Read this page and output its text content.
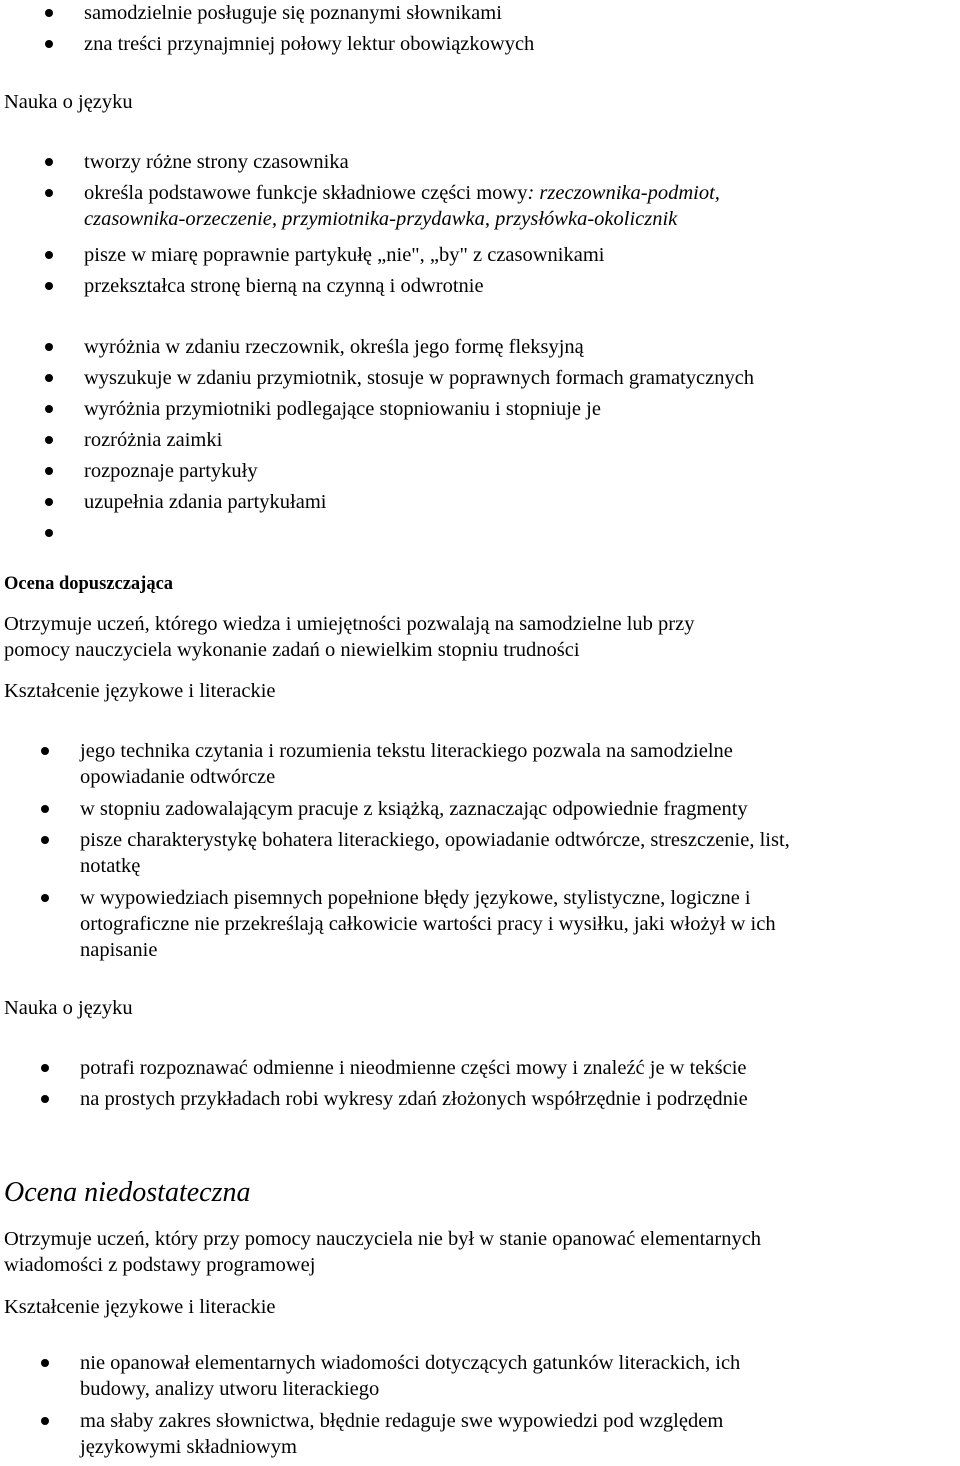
samodzielnie posługuje się poznanymi słownikami
zna treści przynajmniej połowy lektur obowiązkowych
Nauka o języku
tworzy różne strony czasownika
określa podstawowe funkcje składniowe części mowy: rzeczownika-podmiot,
czasownika-orzeczenie, przymiotnika-przydawka, przysłówka-okolicznik
pisze w miarę poprawnie partykułę „nie", „by" z czasownikami
przekształca stronę bierną na czynną i odwrotnie
wyróżnia w zdaniu rzeczownik, określa jego formę fleksyjną
wyszukuje w zdaniu przymiotnik, stosuje w poprawnych formach gramatycznych
wyróżnia przymiotniki podlegające stopniowaniu i stopniuje je
rozróżnia zaimki
rozpoznaje partykuły
uzupełnia zdania partykułami
Ocena dopuszczająca
Otrzymuje uczeń, którego wiedza i umiejętności pozwalają na samodzielne lub przy
pomocy nauczyciela wykonanie zadań o niewielkim stopniu trudności
Kształcenie językowe i literackie
jego technika czytania i rozumienia tekstu literackiego pozwala na samodzielne
opowiadanie odtwórcze
w stopniu zadowalającym pracuje z książką, zaznaczając odpowiednie fragmenty
pisze charakterystykę bohatera literackiego, opowiadanie odtwórcze, streszczenie, list,
notatkę
w wypowiedziach pisemnych popełnione błędy językowe, stylistyczne, logiczne i
ortograficzne nie przekreślają całkowicie wartości pracy i wysiłku, jaki włożył w ich
napisanie
Nauka o języku
potrafi rozpoznawać odmienne i nieodmienne części mowy i znaleźć je w tekście
na prostych przykładach robi wykresy zdań złożonych współrzędnie i podrzędnie
Ocena niedostateczna
Otrzymuje uczeń, który przy pomocy nauczyciela nie był w stanie opanować elementarnych
wiadomości z podstawy programowej
Kształcenie językowe i literackie
nie opanował elementarnych wiadomości dotyczących gatunków literackich, ich
budowy, analizy utworu literackiego
ma słaby zakres słownictwa, błędnie redaguje swe wypowiedzi pod względem
językowymi składniowym
